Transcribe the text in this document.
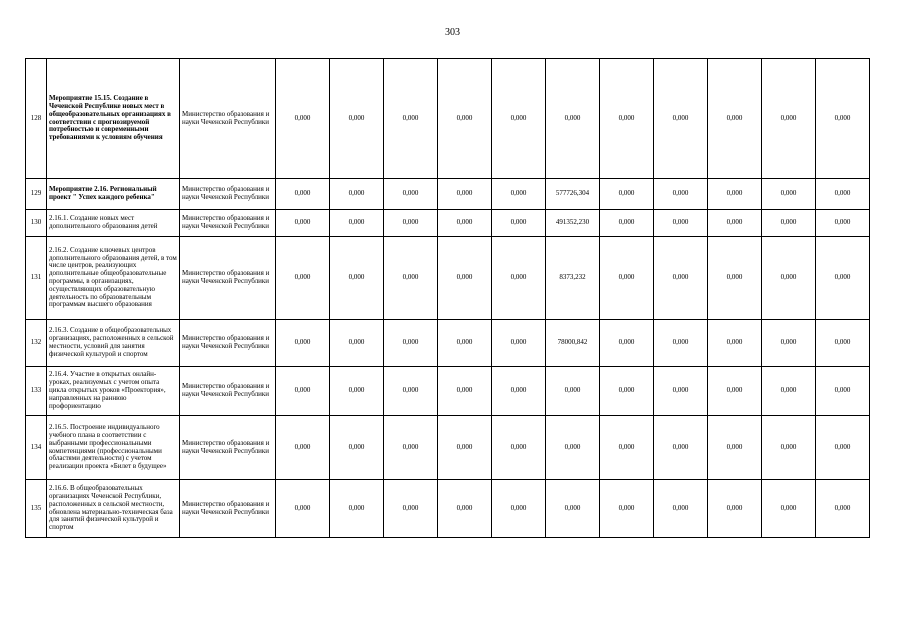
303
128	Мероприятие 15.15. Создание в Чеченской Республике новых мест в общеобразовательных организациях в соответствии с прогнозируемой потребностью и современными требованиями к условиям обучения	Министерство образования и науки Чеченской Республики	0,000	0,000	0,000	0,000	0,000	0,000	0,000	0,000	0,000	0,000	0,000
129	Мероприятие 2.16. Региональный проект " Успех каждого ребенка"	Министерство образования и науки Чеченской Республики	0,000	0,000	0,000	0,000	0,000	577726,304	0,000	0,000	0,000	0,000	0,000
130	2.16.1. Создание новых мест дополнительного образования детей	Министерство образования и науки Чеченской Республики	0,000	0,000	0,000	0,000	0,000	491352,230	0,000	0,000	0,000	0,000	0,000
131	2.16.2. Создание ключевых центров дополнительного образования детей, в том числе центров, реализующих дополнительные общеобразовательные программы, в организациях, осуществляющих образовательную деятельность по образовательным программам высшего образования	Министерство образования и науки Чеченской Республики	0,000	0,000	0,000	0,000	0,000	8373,232	0,000	0,000	0,000	0,000	0,000
132	2.16.3. Создание в общеобразовательных организациях, расположенных в сельской местности, условий для занятия физической культурой и спортом	Министерство образования и науки Чеченской Республики	0,000	0,000	0,000	0,000	0,000	78000,842	0,000	0,000	0,000	0,000	0,000
133	2.16.4. Участие в открытых онлайн-уроках, реализуемых с учетом опыта цикла открытых уроков «Проектория», направленных на раннюю профориентацию	Министерство образования и науки Чеченской Республики	0,000	0,000	0,000	0,000	0,000	0,000	0,000	0,000	0,000	0,000	0,000
134	2.16.5. Построение индивидуального учебного плана в соответствии с выбранными профессиональными компетенциями (профессиональными областями деятельности) с учетом реализации проекта «Билет в будущее»	Министерство образования и науки Чеченской Республики	0,000	0,000	0,000	0,000	0,000	0,000	0,000	0,000	0,000	0,000	0,000
135	2.16.6. В общеобразовательных организациях Чеченской Республики, расположенных в сельской местности, обновлена материально-техническая база для занятий физической культурой и спортом	Министерство образования и науки Чеченской Республики	0,000	0,000	0,000	0,000	0,000	0,000	0,000	0,000	0,000	0,000	0,000
